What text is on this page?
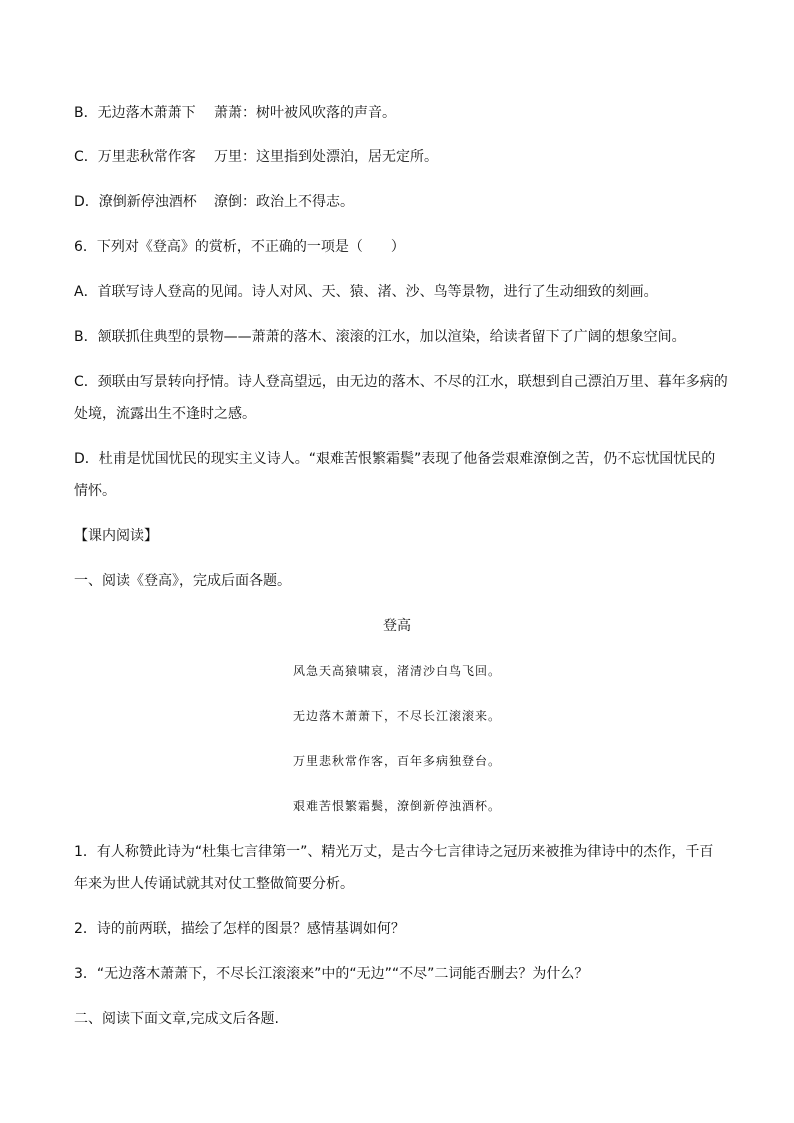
B．无边落木萧萧下 萧萧：树叶被风吹落的声音。
C．万里悲秋常作客 万里：这里指到处漂泊，居无定所。
D．潦倒新停浊酒杯 潦倒：政治上不得志。
6．下列对《登高》的赏析，不正确的一项是（　　）
A．首联写诗人登高的见闻。诗人对风、天、猿、渚、沙、鸟等景物，进行了生动细致的刻画。
B．颔联抓住典型的景物——萧萧的落木、滚滚的江水，加以渲染，给读者留下了广阔的想象空间。
C．颈联由写景转向抒情。诗人登高望远，由无边的落木、不尽的江水，联想到自己漂泊万里、暮年多病的
处境，流露出生不逢时之感。
D．杜甫是忧国忧民的现实主义诗人。“艰难苦恨繁霜鬓”表现了他备尝艰难潦倒之苦，仍不忘忧国忧民的
情怀。
【课内阅读】
一、阅读《登高》，完成后面各题。
登高
风急天高猿啸哀，渚清沙白鸟飞回。
无边落木萧萧下，不尽长江滚滚来。
万里悲秋常作客，百年多病独登台。
艰难苦恨繁霜鬓，潦倒新停浊酒杯。
1．有人称赞此诗为“杜集七言律第一”、精光万丈，是古今七言律诗之冠历来被推为律诗中的杰作，千百
年来为世人传诵试就其对仗工整做简要分析。
2．诗的前两联，描绘了怎样的图景？感情基调如何？
3．“无边落木萧萧下，不尽长江滚滚来”中的“无边”“不尽”二词能否删去？为什么？
二、阅读下面文章,完成文后各题.
